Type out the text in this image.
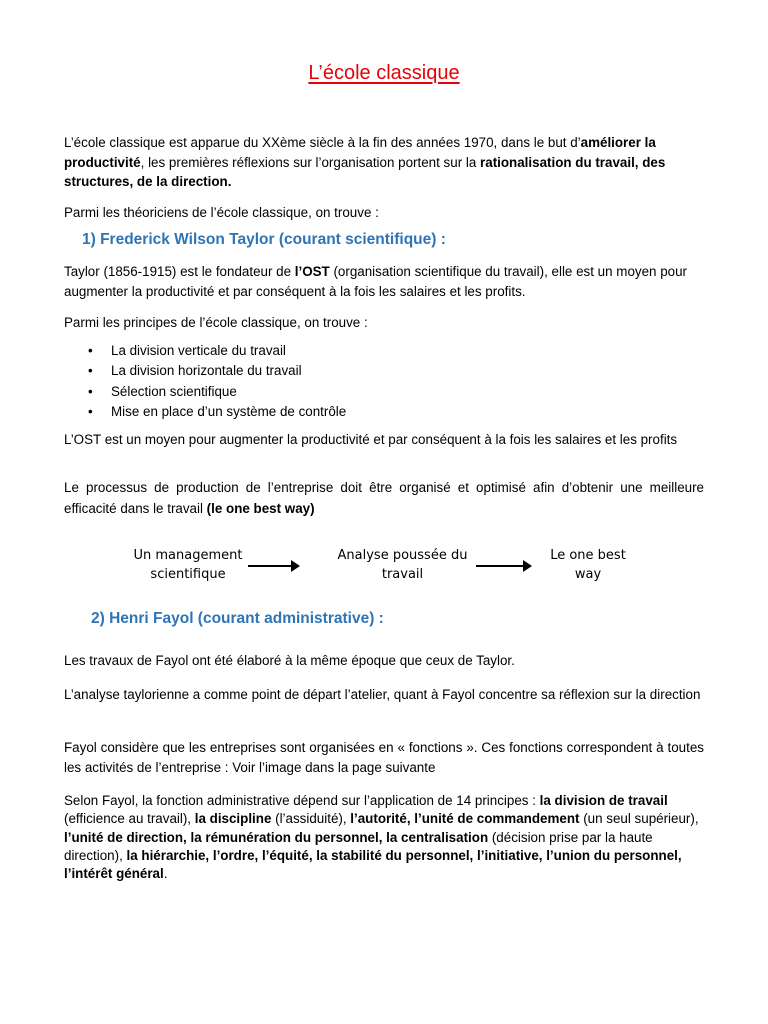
L’école classique
L’école classique est apparue du XXème siècle à la fin des années 1970, dans le but d’améliorer la productivité, les premières réflexions sur l’organisation portent sur la rationalisation du travail, des structures, de la direction.
Parmi les théoriciens de l’école classique, on trouve :
1) Frederick Wilson Taylor (courant scientifique) :
Taylor (1856-1915) est le fondateur de l’OST (organisation scientifique du travail), elle est un moyen pour augmenter la productivité et par conséquent à la fois les salaires et les profits.
Parmi les principes de l’école classique, on trouve :
• La division verticale du travail
• La division horizontale du travail
• Sélection scientifique
• Mise en place d’un système de contrôle
L’OST est un moyen pour augmenter la productivité et par conséquent à la fois les salaires et les profits
Le processus de production de l’entreprise doit être organisé et optimisé afin d’obtenir une meilleure efficacité dans le travail (le one best way)
Un management
scientifique
Analyse poussée du
travail
Le one best
way
2) Henri Fayol (courant administrative) :
Les travaux de Fayol ont été élaboré à la même époque que ceux de Taylor.
L’analyse taylorienne a comme point de départ l’atelier, quant à Fayol concentre sa réflexion sur la direction
Fayol considère que les entreprises sont organisées en « fonctions ». Ces fonctions correspondent à toutes les activités de l’entreprise : Voir l’image dans la page suivante
Selon Fayol, la fonction administrative dépend sur l’application de 14 principes : la division de travail (efficience au travail), la discipline (l’assiduité), l’autorité, l’unité de commandement (un seul supérieur), l’unité de direction, la rémunération du personnel, la centralisation (décision prise par la haute direction), la hiérarchie, l’ordre, l’équité, la stabilité du personnel, l’initiative, l’union du personnel, l’intérêt général.
